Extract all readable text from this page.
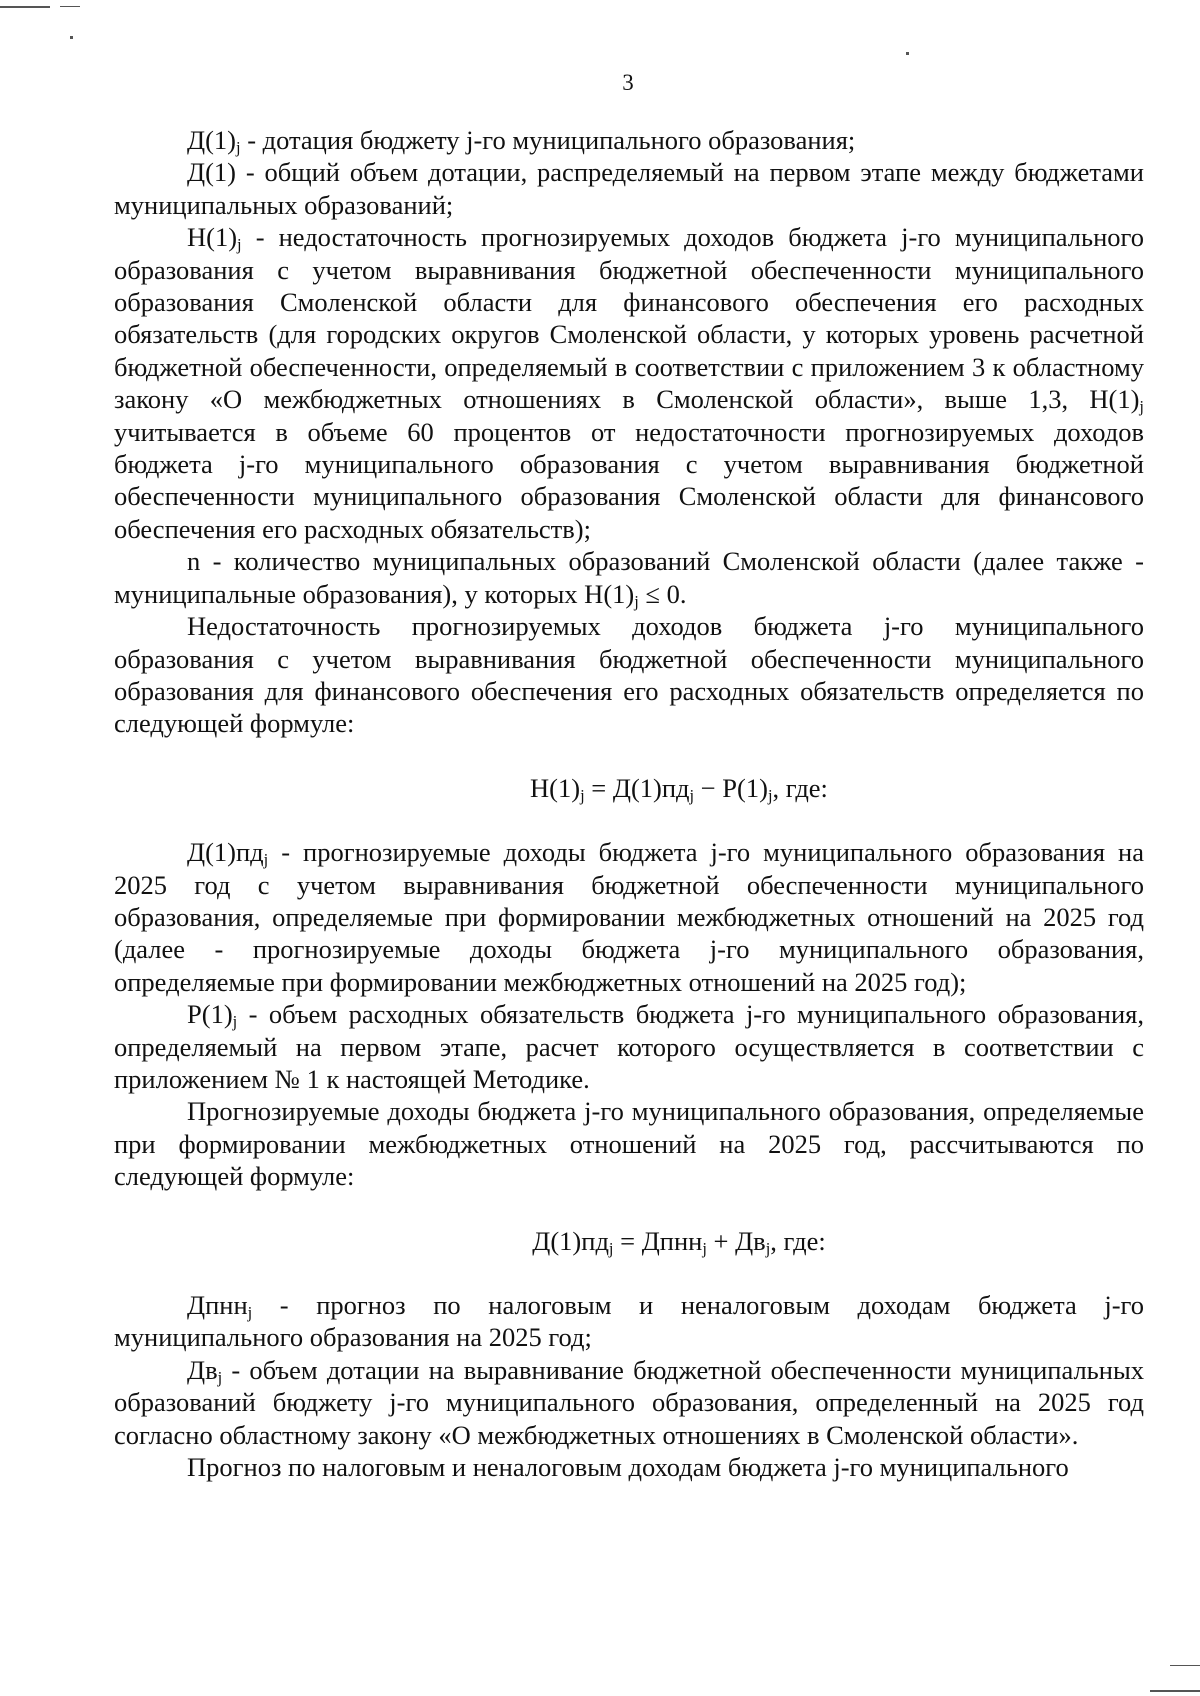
3

$Д(1)_j$ - дотация бюджету j-го муниципального образования;

Д(1) - общий объем дотации, распределяемый на первом этапе между бюджетами муниципальных образований;

$Н(1)_j$ - недостаточность прогнозируемых доходов бюджета j-го муниципального образования с учетом выравнивания бюджетной обеспеченности муниципального образования Смоленской области для финансового обеспечения его расходных обязательств (для городских округов Смоленской области, у которых уровень расчетной бюджетной обеспеченности, определяемый в соответствии с приложением 3 к областному закону «О межбюджетных отношениях в Смоленской области», выше 1,3, $Н(1)_j$ учитывается в объеме 60 процентов от недостаточности прогнозируемых доходов бюджета j-го муниципального образования с учетом выравнивания бюджетной обеспеченности муниципального образования Смоленской области для финансового обеспечения его расходных обязательств);

n - количество муниципальных образований Смоленской области (далее также - муниципальные образования), у которых $Н(1)_j \le 0$.

Недостаточность прогнозируемых доходов бюджета j-го муниципального образования с учетом выравнивания бюджетной обеспеченности муниципального образования для финансового обеспечения его расходных обязательств определяется по следующей формуле:

$Н(1)_j = Д(1)пд_j - Р(1)_j$, где:

$Д(1)пд_j$ - прогнозируемые доходы бюджета j-го муниципального образования на 2025 год с учетом выравнивания бюджетной обеспеченности муниципального образования, определяемые при формировании межбюджетных отношений на 2025 год (далее - прогнозируемые доходы бюджета j-го муниципального образования, определяемые при формировании межбюджетных отношений на 2025 год);

$Р(1)_j$ - объем расходных обязательств бюджета j-го муниципального образования, определяемый на первом этапе, расчет которого осуществляется в соответствии с приложением № 1 к настоящей Методике.

Прогнозируемые доходы бюджета j-го муниципального образования, определяемые при формировании межбюджетных отношений на 2025 год, рассчитываются по следующей формуле:

$Д(1)пд_j$ = Дпнн$_j$ + $Дв_j$, где:

Дпнн$_j$ - прогноз по налоговым и неналоговым доходам бюджета j-го муниципального образования на 2025 год;

$Дв_j$ - объем дотации на выравнивание бюджетной обеспеченности муниципальных образований бюджету j-го муниципального образования, определенный на 2025 год согласно областному закону «О межбюджетных отношениях в Смоленской области».

Прогноз по налоговым и неналоговым доходам бюджета j-го муниципального
